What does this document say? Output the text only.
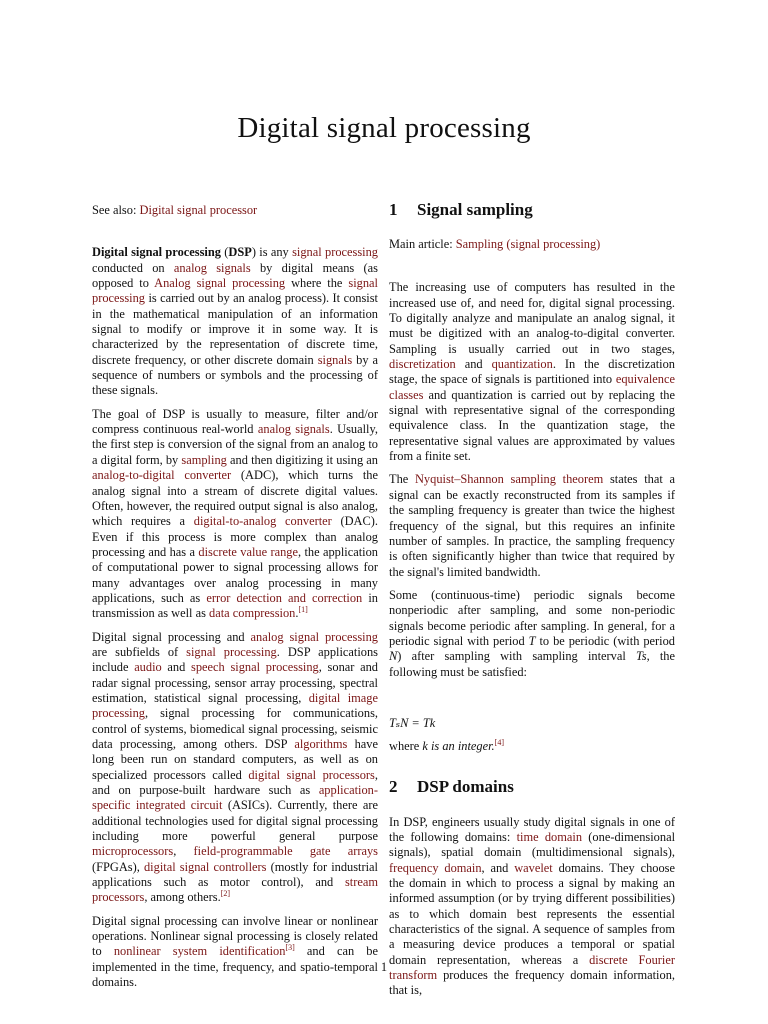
Digital signal processing

See also: Digital signal processor

Digital signal processing (DSP) is any signal processing conducted on analog signals by digital means (as opposed to Analog signal processing where the signal processing is carried out by an analog process). It consist in the mathematical manipulation of an information signal to modify or improve it in some way. It is characterized by the representation of discrete time, discrete frequency, or other discrete domain signals by a sequence of numbers or symbols and the processing of these signals.

The goal of DSP is usually to measure, filter and/or compress continuous real-world analog signals. Usually, the first step is conversion of the signal from an analog to a digital form, by sampling and then digitizing it using an analog-to-digital converter (ADC), which turns the analog signal into a stream of discrete digital values. Often, however, the required output signal is also analog, which requires a digital-to-analog converter (DAC). Even if this process is more complex than analog processing and has a discrete value range, the application of computational power to signal processing allows for many advantages over analog processing in many applications, such as error detection and correction in transmission as well as data compression.[1]

Digital signal processing and analog signal processing are subfields of signal processing. DSP applications include audio and speech signal processing, sonar and radar signal processing, sensor array processing, spectral estimation, statistical signal processing, digital image processing, signal processing for communications, control of systems, biomedical signal processing, seismic data processing, among others. DSP algorithms have long been run on standard computers, as well as on specialized processors called digital signal processors, and on purpose-built hardware such as application-specific integrated circuit (ASICs). Currently, there are additional technologies used for digital signal processing including more powerful general purpose microprocessors, field-programmable gate arrays (FPGAs), digital signal controllers (mostly for industrial applications such as motor control), and stream processors, among others.[2]

Digital signal processing can involve linear or nonlinear operations. Nonlinear signal processing is closely related to nonlinear system identification[3] and can be implemented in the time, frequency, and spatio-temporal domains.

1	Signal sampling

Main article: Sampling (signal processing)

The increasing use of computers has resulted in the increased use of, and need for, digital signal processing. To digitally analyze and manipulate an analog signal, it must be digitized with an analog-to-digital converter. Sampling is usually carried out in two stages, discretization and quantization. In the discretization stage, the space of signals is partitioned into equivalence classes and quantization is carried out by replacing the signal with representative signal of the corresponding equivalence class. In the quantization stage, the representative signal values are approximated by values from a finite set.

The Nyquist–Shannon sampling theorem states that a signal can be exactly reconstructed from its samples if the sampling frequency is greater than twice the highest frequency of the signal, but this requires an infinite number of samples. In practice, the sampling frequency is often significantly higher than twice that required by the signal's limited bandwidth.

Some (continuous-time) periodic signals become nonperiodic after sampling, and some non-periodic signals become periodic after sampling. In general, for a periodic signal with period T to be periodic (with period N) after sampling with sampling interval Ts, the following must be satisfied:

TₛN = Tk

where k is an integer.[4]

2	DSP domains

In DSP, engineers usually study digital signals in one of the following domains: time domain (one-dimensional signals), spatial domain (multidimensional signals), frequency domain, and wavelet domains. They choose the domain in which to process a signal by making an informed assumption (or by trying different possibilities) as to which domain best represents the essential characteristics of the signal. A sequence of samples from a measuring device produces a temporal or spatial domain representation, whereas a discrete Fourier transform produces the frequency domain information, that is,

1
